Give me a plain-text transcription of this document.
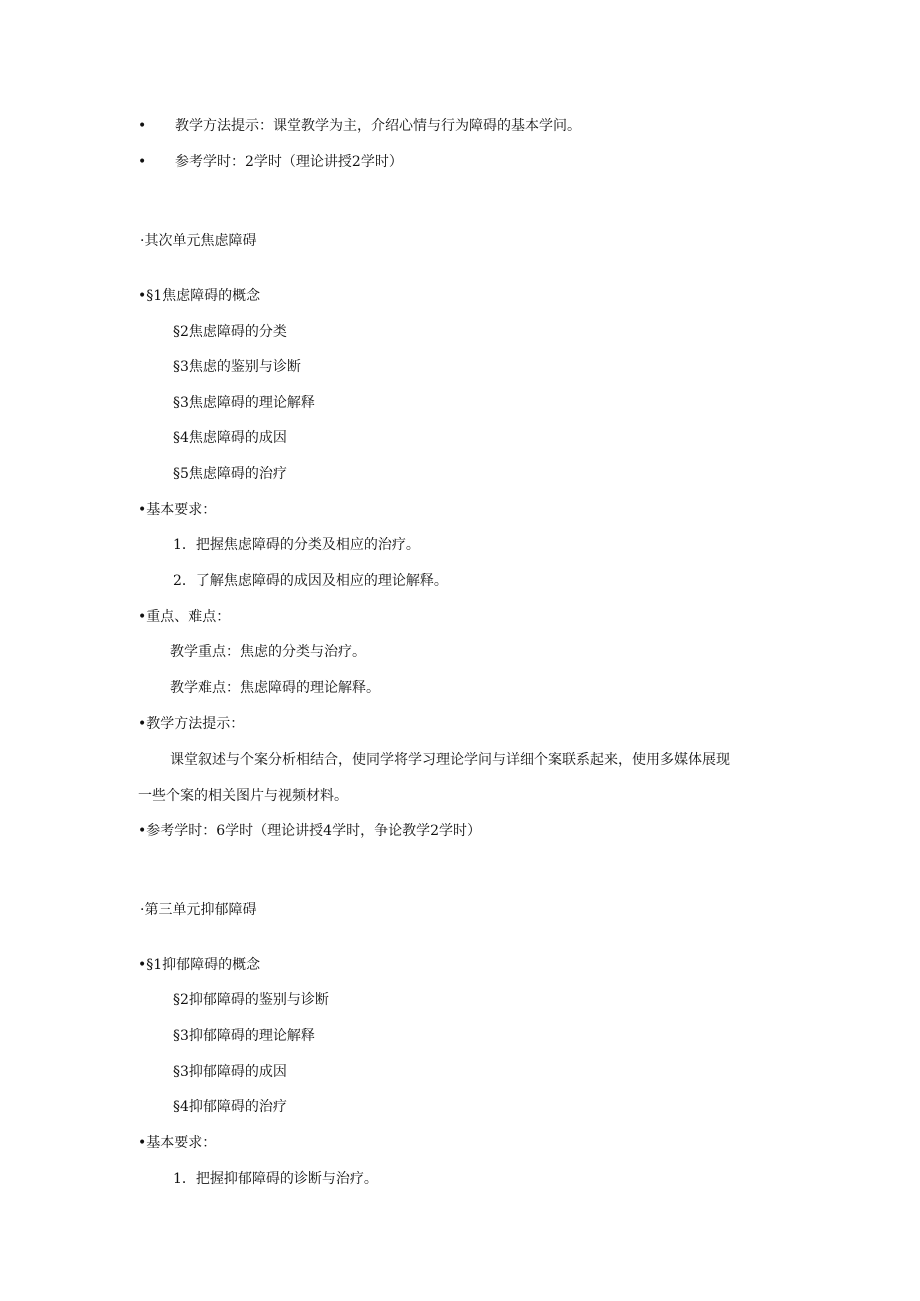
• 教学方法提示：课堂教学为主，介绍心情与行为障碍的基本学问。
• 参考学时：2学时（理论讲授2学时）
·其次单元焦虑障碍
•§1焦虑障碍的概念
§2焦虑障碍的分类
§3焦虑的鉴别与诊断
§3焦虑障碍的理论解释
§4焦虑障碍的成因
§5焦虑障碍的治疗
•基本要求：
1．把握焦虑障碍的分类及相应的治疗。
2．了解焦虑障碍的成因及相应的理论解释。
•重点、难点：
教学重点：焦虑的分类与治疗。
教学难点：焦虑障碍的理论解释。
•教学方法提示：
课堂叙述与个案分析相结合，使同学将学习理论学问与详细个案联系起来，使用多媒体展现
一些个案的相关图片与视频材料。
•参考学时：6学时（理论讲授4学时，争论教学2学时）
·第三单元抑郁障碍
•§1抑郁障碍的概念
§2抑郁障碍的鉴别与诊断
§3抑郁障碍的理论解释
§3抑郁障碍的成因
§4抑郁障碍的治疗
•基本要求：
1．把握抑郁障碍的诊断与治疗。
